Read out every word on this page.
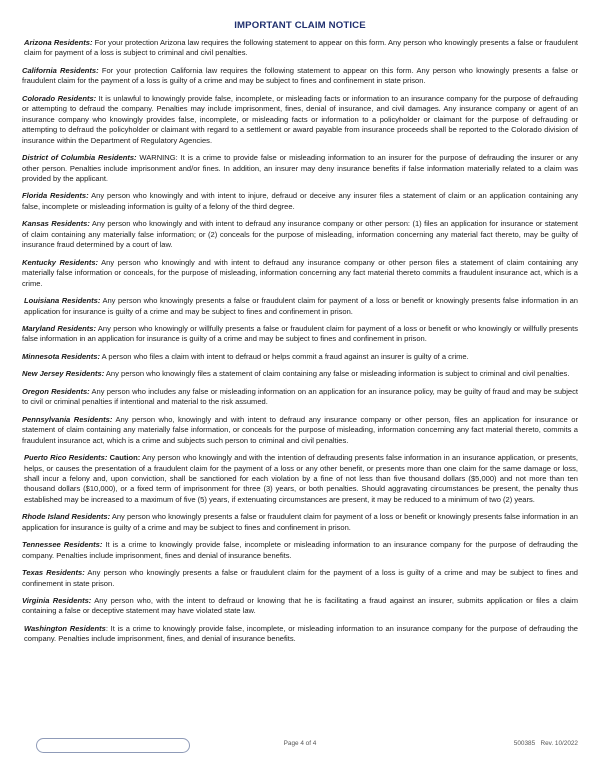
IMPORTANT CLAIM NOTICE

Arizona Residents: For your protection Arizona law requires the following statement to appear on this form. Any person who knowingly presents a false or fraudulent claim for payment of a loss is subject to criminal and civil penalties.

California Residents: For your protection California law requires the following statement to appear on this form. Any person who knowingly presents a false or fraudulent claim for the payment of a loss is guilty of a crime and may be subject to fines and confinement in state prison.

Colorado Residents: It is unlawful to knowingly provide false, incomplete, or misleading facts or information to an insurance company for the purpose of defrauding or attempting to defraud the company. Penalties may include imprisonment, fines, denial of insurance, and civil damages. Any insurance company or agent of an insurance company who knowingly provides false, incomplete, or misleading facts or information to a policyholder or claimant for the purpose of defrauding or attempting to defraud the policyholder or claimant with regard to a settlement or award payable from insurance proceeds shall be reported to the Colorado division of insurance within the Department of Regulatory Agencies.

District of Columbia Residents: WARNING: It is a crime to provide false or misleading information to an insurer for the purpose of defrauding the insurer or any other person. Penalties include imprisonment and/or fines. In addition, an insurer may deny insurance benefits if false information materially related to a claim was provided by the applicant.

Florida Residents: Any person who knowingly and with intent to injure, defraud or deceive any insurer files a statement of claim or an application containing any false, incomplete or misleading information is guilty of a felony of the third degree.

Kansas Residents: Any person who knowingly and with intent to defraud any insurance company or other person: (1) files an application for insurance or statement of claim containing any materially false information; or (2) conceals for the purpose of misleading, information concerning any material fact thereto, may be guilty of insurance fraud determined by a court of law.

Kentucky Residents: Any person who knowingly and with intent to defraud any insurance company or other person files a statement of claim containing any materially false information or conceals, for the purpose of misleading, information concerning any fact material thereto commits a fraudulent insurance act, which is a crime.

Louisiana Residents: Any person who knowingly presents a false or fraudulent claim for payment of a loss or benefit or knowingly presents false information in an application for insurance is guilty of a crime and may be subject to fines and confinement in prison.

Maryland Residents: Any person who knowingly or willfully presents a false or fraudulent claim for payment of a loss or benefit or who knowingly or willfully presents false information in an application for insurance is guilty of a crime and may be subject to fines and confinement in prison.

Minnesota Residents: A person who files a claim with intent to defraud or helps commit a fraud against an insurer is guilty of a crime.

New Jersey Residents: Any person who knowingly files a statement of claim containing any false or misleading information is subject to criminal and civil penalties.

Oregon Residents: Any person who includes any false or misleading information on an application for an insurance policy, may be guilty of fraud and may be subject to civil or criminal penalties if intentional and material to the risk assumed.

Pennsylvania Residents: Any person who, knowingly and with intent to defraud any insurance company or other person, files an application for insurance or statement of claim containing any materially false information, or conceals for the purpose of misleading, information concerning any fact material thereto, commits a fraudulent insurance act, which is a crime and subjects such person to criminal and civil penalties.

Puerto Rico Residents: Caution: Any person who knowingly and with the intention of defrauding presents false information in an insurance application, or presents, helps, or causes the presentation of a fraudulent claim for the payment of a loss or any other benefit, or presents more than one claim for the same damage or loss, shall incur a felony and, upon conviction, shall be sanctioned for each violation by a fine of not less than five thousand dollars ($5,000) and not more than ten thousand dollars ($10,000), or a fixed term of imprisonment for three (3) years, or both penalties. Should aggravating circumstances be present, the penalty thus established may be increased to a maximum of five (5) years, if extenuating circumstances are present, it may be reduced to a minimum of two (2) years.

Rhode Island Residents: Any person who knowingly presents a false or fraudulent claim for payment of a loss or benefit or knowingly presents false information in an application for insurance is guilty of a crime and may be subject to fines and confinement in prison.

Tennessee Residents: It is a crime to knowingly provide false, incomplete or misleading information to an insurance company for the purpose of defrauding the company. Penalties include imprisonment, fines and denial of insurance benefits.

Texas Residents: Any person who knowingly presents a false or fraudulent claim for the payment of a loss is guilty of a crime and may be subject to fines and confinement in state prison.

Virginia Residents: Any person who, with the intent to defraud or knowing that he is facilitating a fraud against an insurer, submits application or files a claim containing a false or deceptive statement may have violated state law.

Washington Residents: It is a crime to knowingly provide false, incomplete, or misleading information to an insurance company for the purpose of defrauding the company. Penalties include imprisonment, fines, and denial of insurance benefits.

Page 4 of 4	500385   Rev. 10/2022
